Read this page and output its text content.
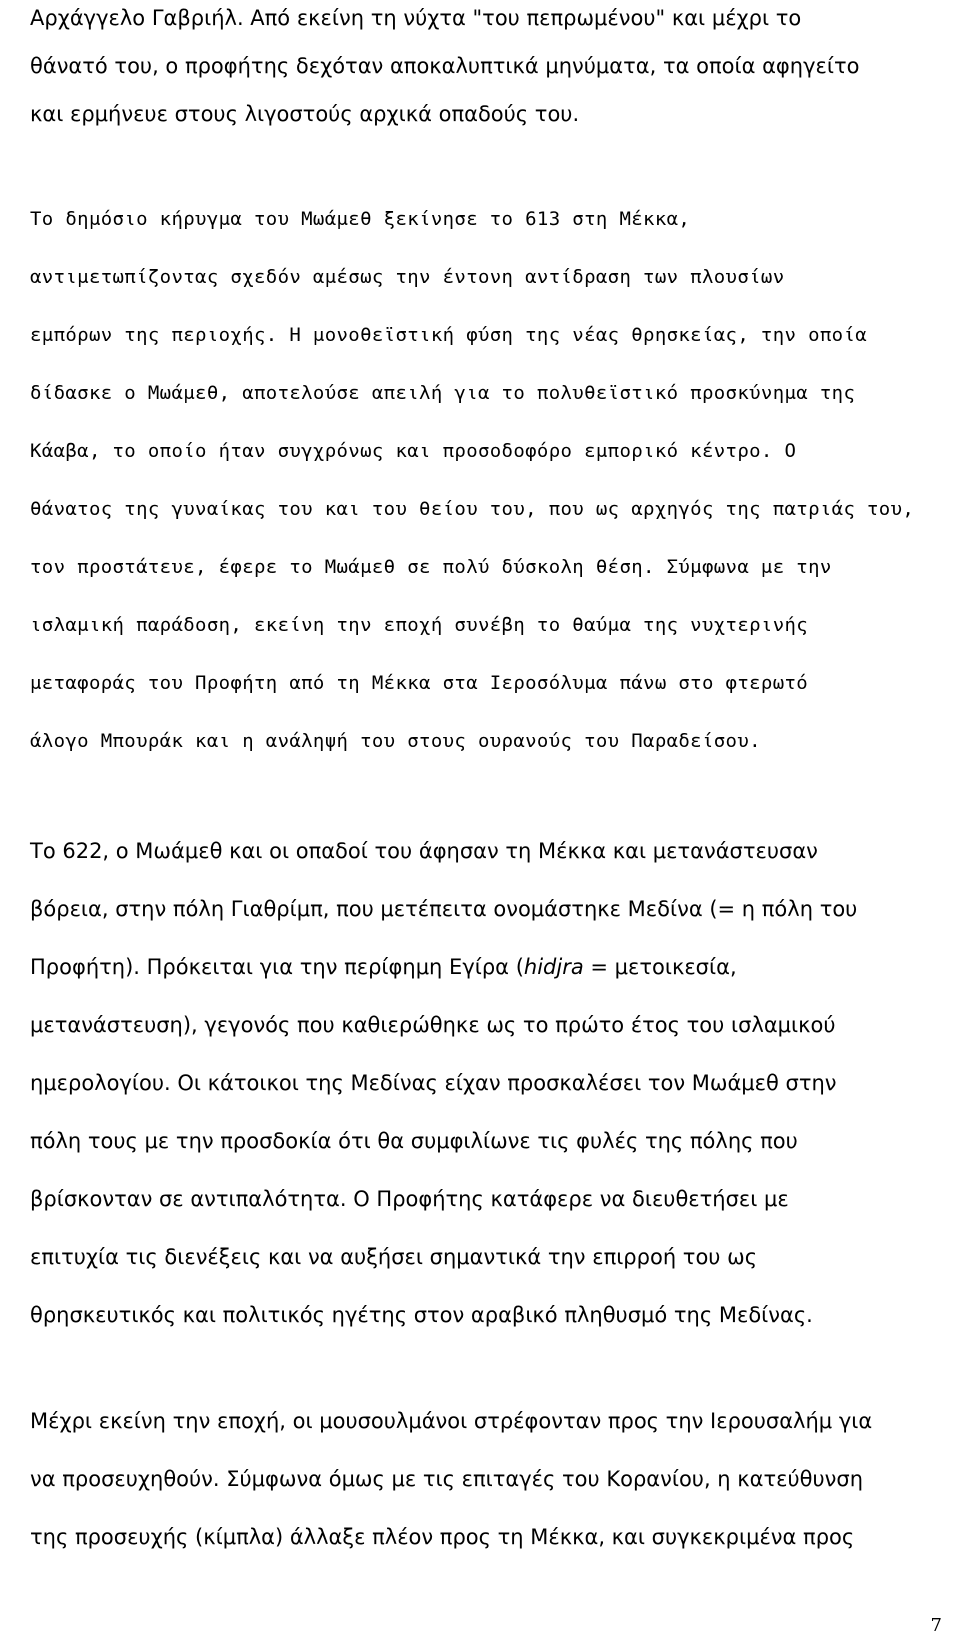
Αρχάγγελο Γαβριήλ. Από εκείνη τη νύχτα "του πεπρωμένου" και μέχρι το

θάνατό του, ο προφήτης δεχόταν αποκαλυπτικά μηνύματα, τα οποία αφηγείτο

και ερμήνευε στους λιγοστούς αρχικά οπαδούς του.

Το δημόσιο κήρυγμα του Μωάμεθ ξεκίνησε το 613 στη Μέκκα,

αντιμετωπίζοντας σχεδόν αμέσως την έντονη αντίδραση των πλουσίων

εμπόρων της περιοχής. Η μονοθεϊστική φύση της νέας θρησκείας, την οποία

δίδασκε ο Μωάμεθ, αποτελούσε απειλή για το πολυθεϊστικό προσκύνημα της

Κάαβα, το οποίο ήταν συγχρόνως και προσοδοφόρο εμπορικό κέντρο. Ο

θάνατος της γυναίκας του και του θείου του, που ως αρχηγός της πατριάς του,

τον προστάτευε, έφερε το Μωάμεθ σε πολύ δύσκολη θέση. Σύμφωνα με την

ισλαμική παράδοση, εκείνη την εποχή συνέβη το θαύμα της νυχτερινής

μεταφοράς του Προφήτη από τη Μέκκα στα Ιεροσόλυμα πάνω στο φτερωτό

άλογο Μπουράκ και η ανάληψή του στους ουρανούς του Παραδείσου.

Το 622, ο Μωάμεθ και οι οπαδοί του άφησαν τη Μέκκα και μετανάστευσαν

βόρεια, στην πόλη Γιαθρίμπ, που μετέπειτα ονομάστηκε Μεδίνα (= η πόλη του

Προφήτη). Πρόκειται για την περίφημη Εγίρα (hidjra = μετοικεσία,

μετανάστευση), γεγονός που καθιερώθηκε ως το πρώτο έτος του ισλαμικού

ημερολογίου. Οι κάτοικοι της Μεδίνας είχαν προσκαλέσει τον Μωάμεθ στην

πόλη τους με την προσδοκία ότι θα συμφιλίωνε τις φυλές της πόλης που

βρίσκονταν σε αντιπαλότητα. Ο Προφήτης κατάφερε να διευθετήσει με

επιτυχία τις διενέξεις και να αυξήσει σημαντικά την επιρροή του ως

θρησκευτικός και πολιτικός ηγέτης στον αραβικό πληθυσμό της Μεδίνας.

Μέχρι εκείνη την εποχή, οι μουσουλμάνοι στρέφονταν προς την Ιερουσαλήμ για

να προσευχηθούν. Σύμφωνα όμως με τις επιταγές του Κορανίου, η κατεύθυνση

της προσευχής (κίμπλα) άλλαξε πλέον προς τη Μέκκα, και συγκεκριμένα προς

7
